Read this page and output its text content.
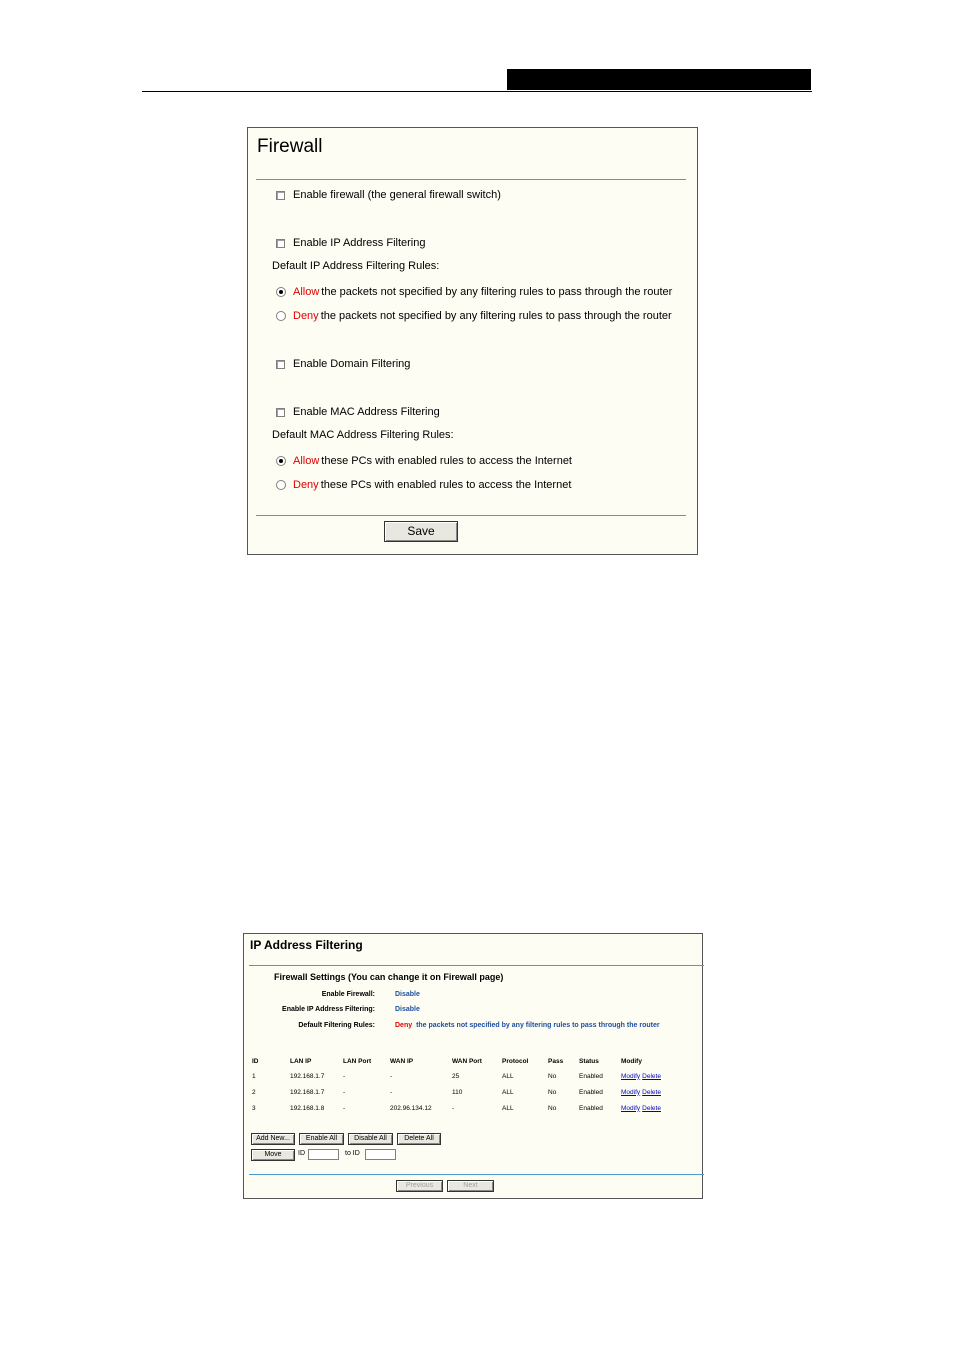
Firewall
Enable firewall (the general firewall switch)
Enable IP Address Filtering
Default IP Address Filtering Rules:
Allow the packets not specified by any filtering rules to pass through the router
Deny the packets not specified by any filtering rules to pass through the router
Enable Domain Filtering
Enable MAC Address Filtering
Default MAC Address Filtering Rules:
Allow these PCs with enabled rules to access the Internet
Deny these PCs with enabled rules to access the Internet
Save
IP Address Filtering
Firewall Settings (You can change it on Firewall page)
Enable Firewall:	Disable
Enable IP Address Filtering:	Disable
Default Filtering Rules:	Deny the packets not specified by any filtering rules to pass through the router
ID	LAN IP	LAN Port	WAN IP	WAN Port	Protocol	Pass	Status	Modify
1	192.168.1.7	-	-	25	ALL	No	Enabled	Modify Delete
2	192.168.1.7	-	-	110	ALL	No	Enabled	Modify Delete
3	192.168.1.8	-	202.96.134.12	-	ALL	No	Enabled	Modify Delete
Add New...	Enable All	Disable All	Delete All
Move	ID	to ID
Previous	Next
